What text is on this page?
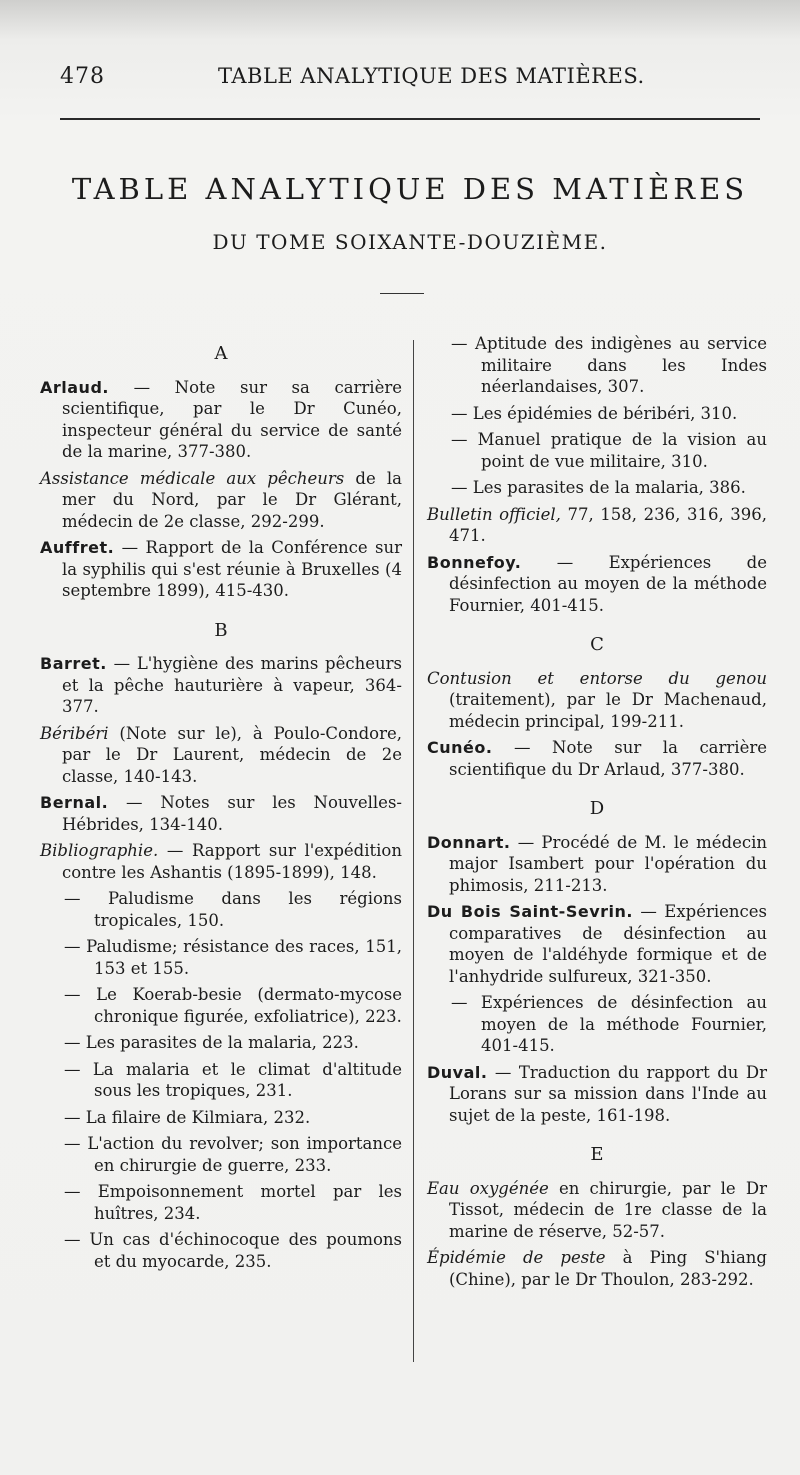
478	TABLE ANALYTIQUE DES MATIÈRES.
TABLE ANALYTIQUE DES MATIÈRES
DU TOME SOIXANTE-DOUZIÈME.
A

Arlaud. — Note sur sa carrière scientifique, par le Dr Cunéo, inspecteur général du service de santé de la marine, 377-380.

Assistance médicale aux pêcheurs de la mer du Nord, par le Dr Glérant, médecin de 2e classe, 292-299.

Auffret. — Rapport de la Conférence sur la syphilis qui s'est réunie à Bruxelles (4 septembre 1899), 415-430.

B

Barret. — L'hygiène des marins pêcheurs et la pêche hauturière à vapeur, 364-377.

Béribéri (Note sur le), à Poulo-Condore, par le Dr Laurent, médecin de 2e classe, 140-143.

Bernal. — Notes sur les Nouvelles-Hébrides, 134-140.

Bibliographie. — Rapport sur l'expédition contre les Ashantis (1895-1899), 148.

— Paludisme dans les régions tropicales, 150.

— Paludisme; résistance des races, 151, 153 et 155.

— Le Koerab-besie (dermato-mycose chronique figurée, exfoliatrice), 223.

— Les parasites de la malaria, 223.

— La malaria et le climat d'altitude sous les tropiques, 231.

— La filaire de Kilmiara, 232.

— L'action du revolver; son importance en chirurgie de guerre, 233.

— Empoisonnement mortel par les huîtres, 234.

— Un cas d'échinocoque des poumons et du myocarde, 235.

— Aptitude des indigènes au service militaire dans les Indes néerlandaises, 307.

— Les épidémies de béribéri, 310.

— Manuel pratique de la vision au point de vue militaire, 310.

— Les parasites de la malaria, 386.

Bulletin officiel, 77, 158, 236, 316, 396, 471.

Bonnefoy. — Expériences de désinfection au moyen de la méthode Fournier, 401-415.

C

Contusion et entorse du genou (traitement), par le Dr Machenaud, médecin principal, 199-211.

Cunéo. — Note sur la carrière scientifique du Dr Arlaud, 377-380.

D

Donnart. — Procédé de M. le médecin major Isambert pour l'opération du phimosis, 211-213.

Du Bois Saint-Sevrin. — Expériences comparatives de désinfection au moyen de l'aldéhyde formique et de l'anhydride sulfureux, 321-350.

— Expériences de désinfection au moyen de la méthode Fournier, 401-415.

Duval. — Traduction du rapport du Dr Lorans sur sa mission dans l'Inde au sujet de la peste, 161-198.

E

Eau oxygénée en chirurgie, par le Dr Tissot, médecin de 1re classe de la marine de réserve, 52-57.

Épidémie de peste à Ping S'hiang (Chine), par le Dr Thoulon, 283-292.
